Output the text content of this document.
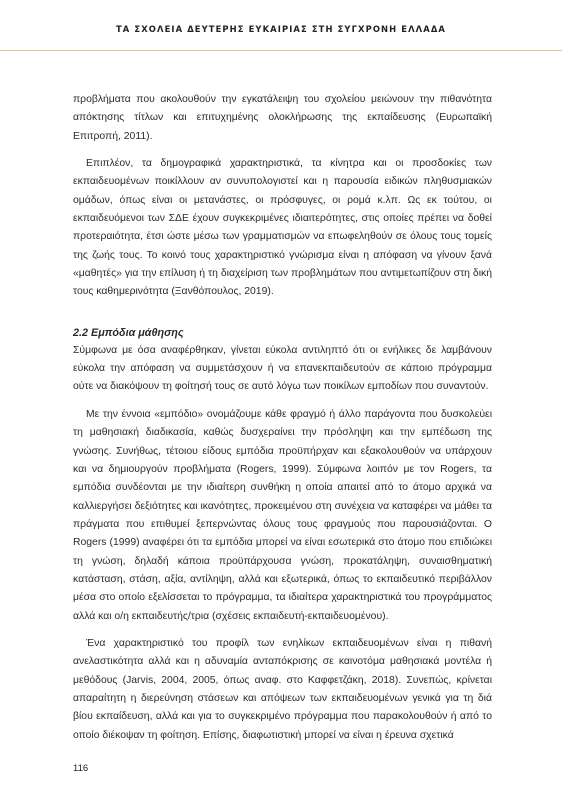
ΤΑ ΣΧΟΛΕΙΑ ΔΕΥΤΕΡΗΣ ΕΥΚΑΙΡΙΑΣ ΣΤΗ ΣΥΓΧΡΟΝΗ ΕΛΛΑΔΑ

προβλήματα που ακολουθούν την εγκατάλειψη του σχολείου μειώνουν την πιθανότητα απόκτησης τίτλων και επιτυχημένης ολοκλήρωσης της εκπαίδευσης (Ευρωπαϊκή Επιτροπή, 2011).

Επιπλέον, τα δημογραφικά χαρακτηριστικά, τα κίνητρα και οι προσδοκίες των εκπαιδευομένων ποικίλλουν αν συνυπολογιστεί και η παρουσία ειδικών πληθυσμιακών ομάδων, όπως είναι οι μετανάστες, οι πρόσφυγες, οι ρομά κ.λπ. Ως εκ τούτου, οι εκπαιδευόμενοι των ΣΔΕ έχουν συγκεκριμένες ιδιαιτερότητες, στις οποίες πρέπει να δοθεί προτεραιότητα, έτσι ώστε μέσω των γραμματισμών να επωφεληθούν σε όλους τους τομείς της ζωής τους. Το κοινό τους χαρακτηριστικό γνώρισμα είναι η απόφαση να γίνουν ξανά «μαθητές» για την επίλυση ή τη διαχείριση των προβλημάτων που αντιμετωπίζουν στη δική τους καθημερινότητα (Ξανθόπουλος, 2019).

2.2 Εμπόδια μάθησης

Σύμφωνα με όσα αναφέρθηκαν, γίνεται εύκολα αντιληπτό ότι οι ενήλικες δε λαμβάνουν εύκολα την απόφαση να συμμετάσχουν ή να επανεκπαιδευτούν σε κάποιο πρόγραμμα ούτε να διακόψουν τη φοίτησή τους σε αυτό λόγω των ποικίλων εμποδίων που συναντούν.

Με την έννοια «εμπόδιο» ονομάζουμε κάθε φραγμό ή άλλο παράγοντα που δυσκολεύει τη μαθησιακή διαδικασία, καθώς δυσχεραίνει την πρόσληψη και την εμπέδωση της γνώσης. Συνήθως, τέτοιου είδους εμπόδια προϋπήρχαν και εξακολουθούν να υπάρχουν και να δημιουργούν προβλήματα (Rogers, 1999). Σύμφωνα λοιπόν με τον Rogers, τα εμπόδια συνδέονται με την ιδιαίτερη συνθήκη η οποία απαιτεί από το άτομο αρχικά να καλλιεργήσει δεξιότητες και ικανότητες, προκειμένου στη συνέχεια να καταφέρει να μάθει τα πράγματα που επιθυμεί ξεπερνώντας όλους τους φραγμούς που παρουσιάζονται. Ο Rogers (1999) αναφέρει ότι τα εμπόδια μπορεί να είναι εσωτερικά στο άτομο που επιδιώκει τη γνώση, δηλαδή κάποια προϋπάρχουσα γνώση, προκατάληψη, συναισθηματική κατάσταση, στάση, αξία, αντίληψη, αλλά και εξωτερικά, όπως το εκπαιδευτικό περιβάλλον μέσα στο οποίο εξελίσσεται το πρόγραμμα, τα ιδιαίτερα χαρακτηριστικά του προγράμματος αλλά και ο/η εκπαιδευτής/τρια (σχέσεις εκπαιδευτή-εκπαιδευομένου).

Ένα χαρακτηριστικό του προφίλ των ενηλίκων εκπαιδευομένων είναι η πιθανή ανελαστικότητα αλλά και η αδυναμία ανταπόκρισης σε καινοτόμα μαθησιακά μοντέλα ή μεθόδους (Jarvis, 2004, 2005, όπως αναφ. στο Καφφετζάκη, 2018). Συνεπώς, κρίνεται απαραίτητη η διερεύνηση στάσεων και απόψεων των εκπαιδευομένων γενικά για τη διά βίου εκπαίδευση, αλλά και για το συγκεκριμένο πρόγραμμα που παρακολουθούν ή από το οποίο διέκοψαν τη φοίτηση. Επίσης, διαφωτιστική μπορεί να είναι η έρευνα σχετικά

116
